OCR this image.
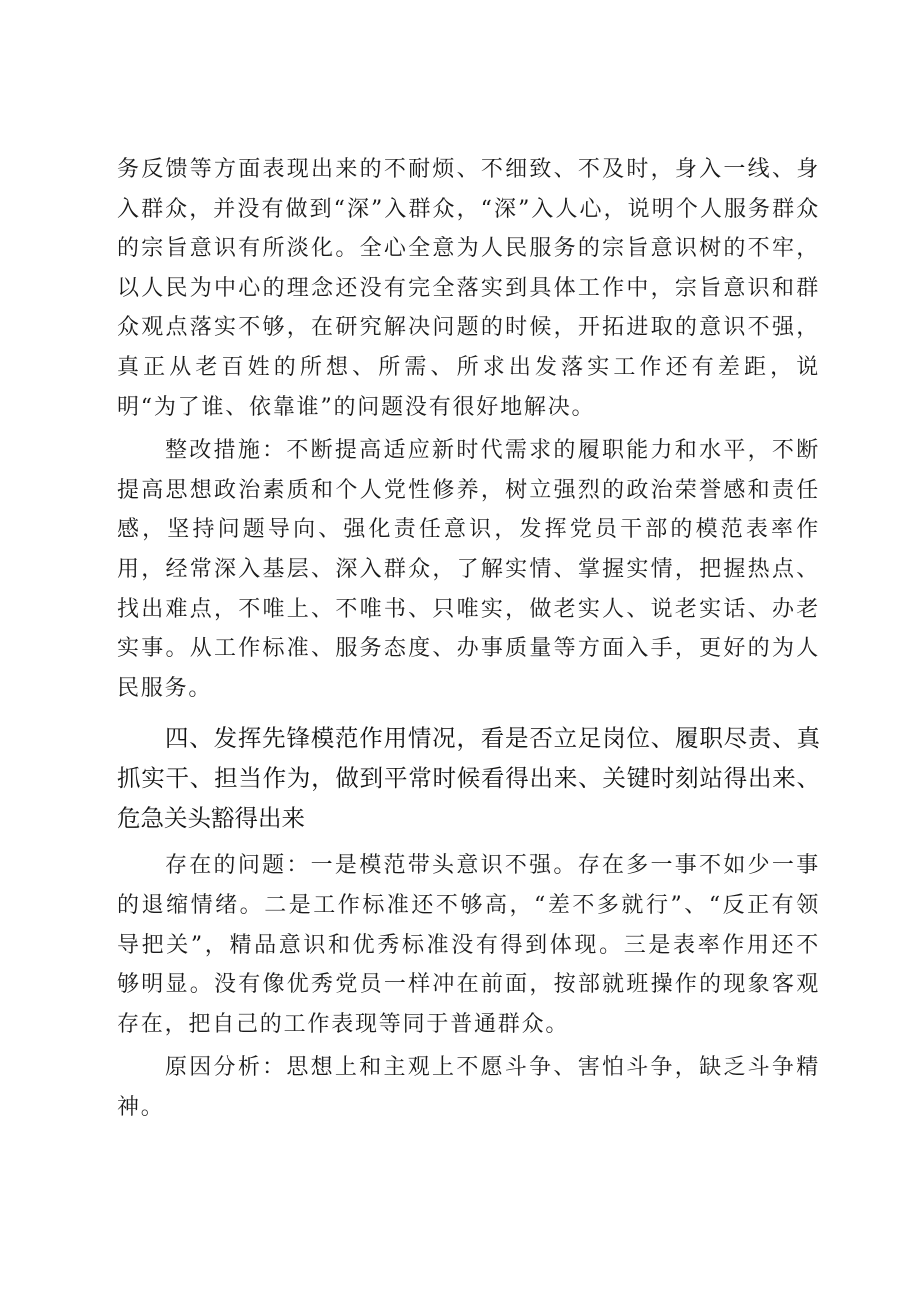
务反馈等方面表现出来的不耐烦、不细致、不及时，身入一线、身入群众，并没有做到“深”入群众，“深”入人心，说明个人服务群众的宗旨意识有所淡化。全心全意为人民服务的宗旨意识树的不牢，以人民为中心的理念还没有完全落实到具体工作中，宗旨意识和群众观点落实不够，在研究解决问题的时候，开拓进取的意识不强，真正从老百姓的所想、所需、所求出发落实工作还有差距，说明“为了谁、依靠谁”的问题没有很好地解决。

整改措施：不断提高适应新时代需求的履职能力和水平，不断提高思想政治素质和个人党性修养，树立强烈的政治荣誉感和责任感，坚持问题导向、强化责任意识，发挥党员干部的模范表率作用，经常深入基层、深入群众，了解实情、掌握实情，把握热点、找出难点，不唯上、不唯书、只唯实，做老实人、说老实话、办老实事。从工作标准、服务态度、办事质量等方面入手，更好的为人民服务。

四、发挥先锋模范作用情况，看是否立足岗位、履职尽责、真抓实干、担当作为，做到平常时候看得出来、关键时刻站得出来、危急关头豁得出来

存在的问题：一是模范带头意识不强。存在多一事不如少一事的退缩情绪。二是工作标准还不够高，“差不多就行”、“反正有领导把关”，精品意识和优秀标准没有得到体现。三是表率作用还不够明显。没有像优秀党员一样冲在前面，按部就班操作的现象客观存在，把自己的工作表现等同于普通群众。

原因分析：思想上和主观上不愿斗争、害怕斗争，缺乏斗争精神。
